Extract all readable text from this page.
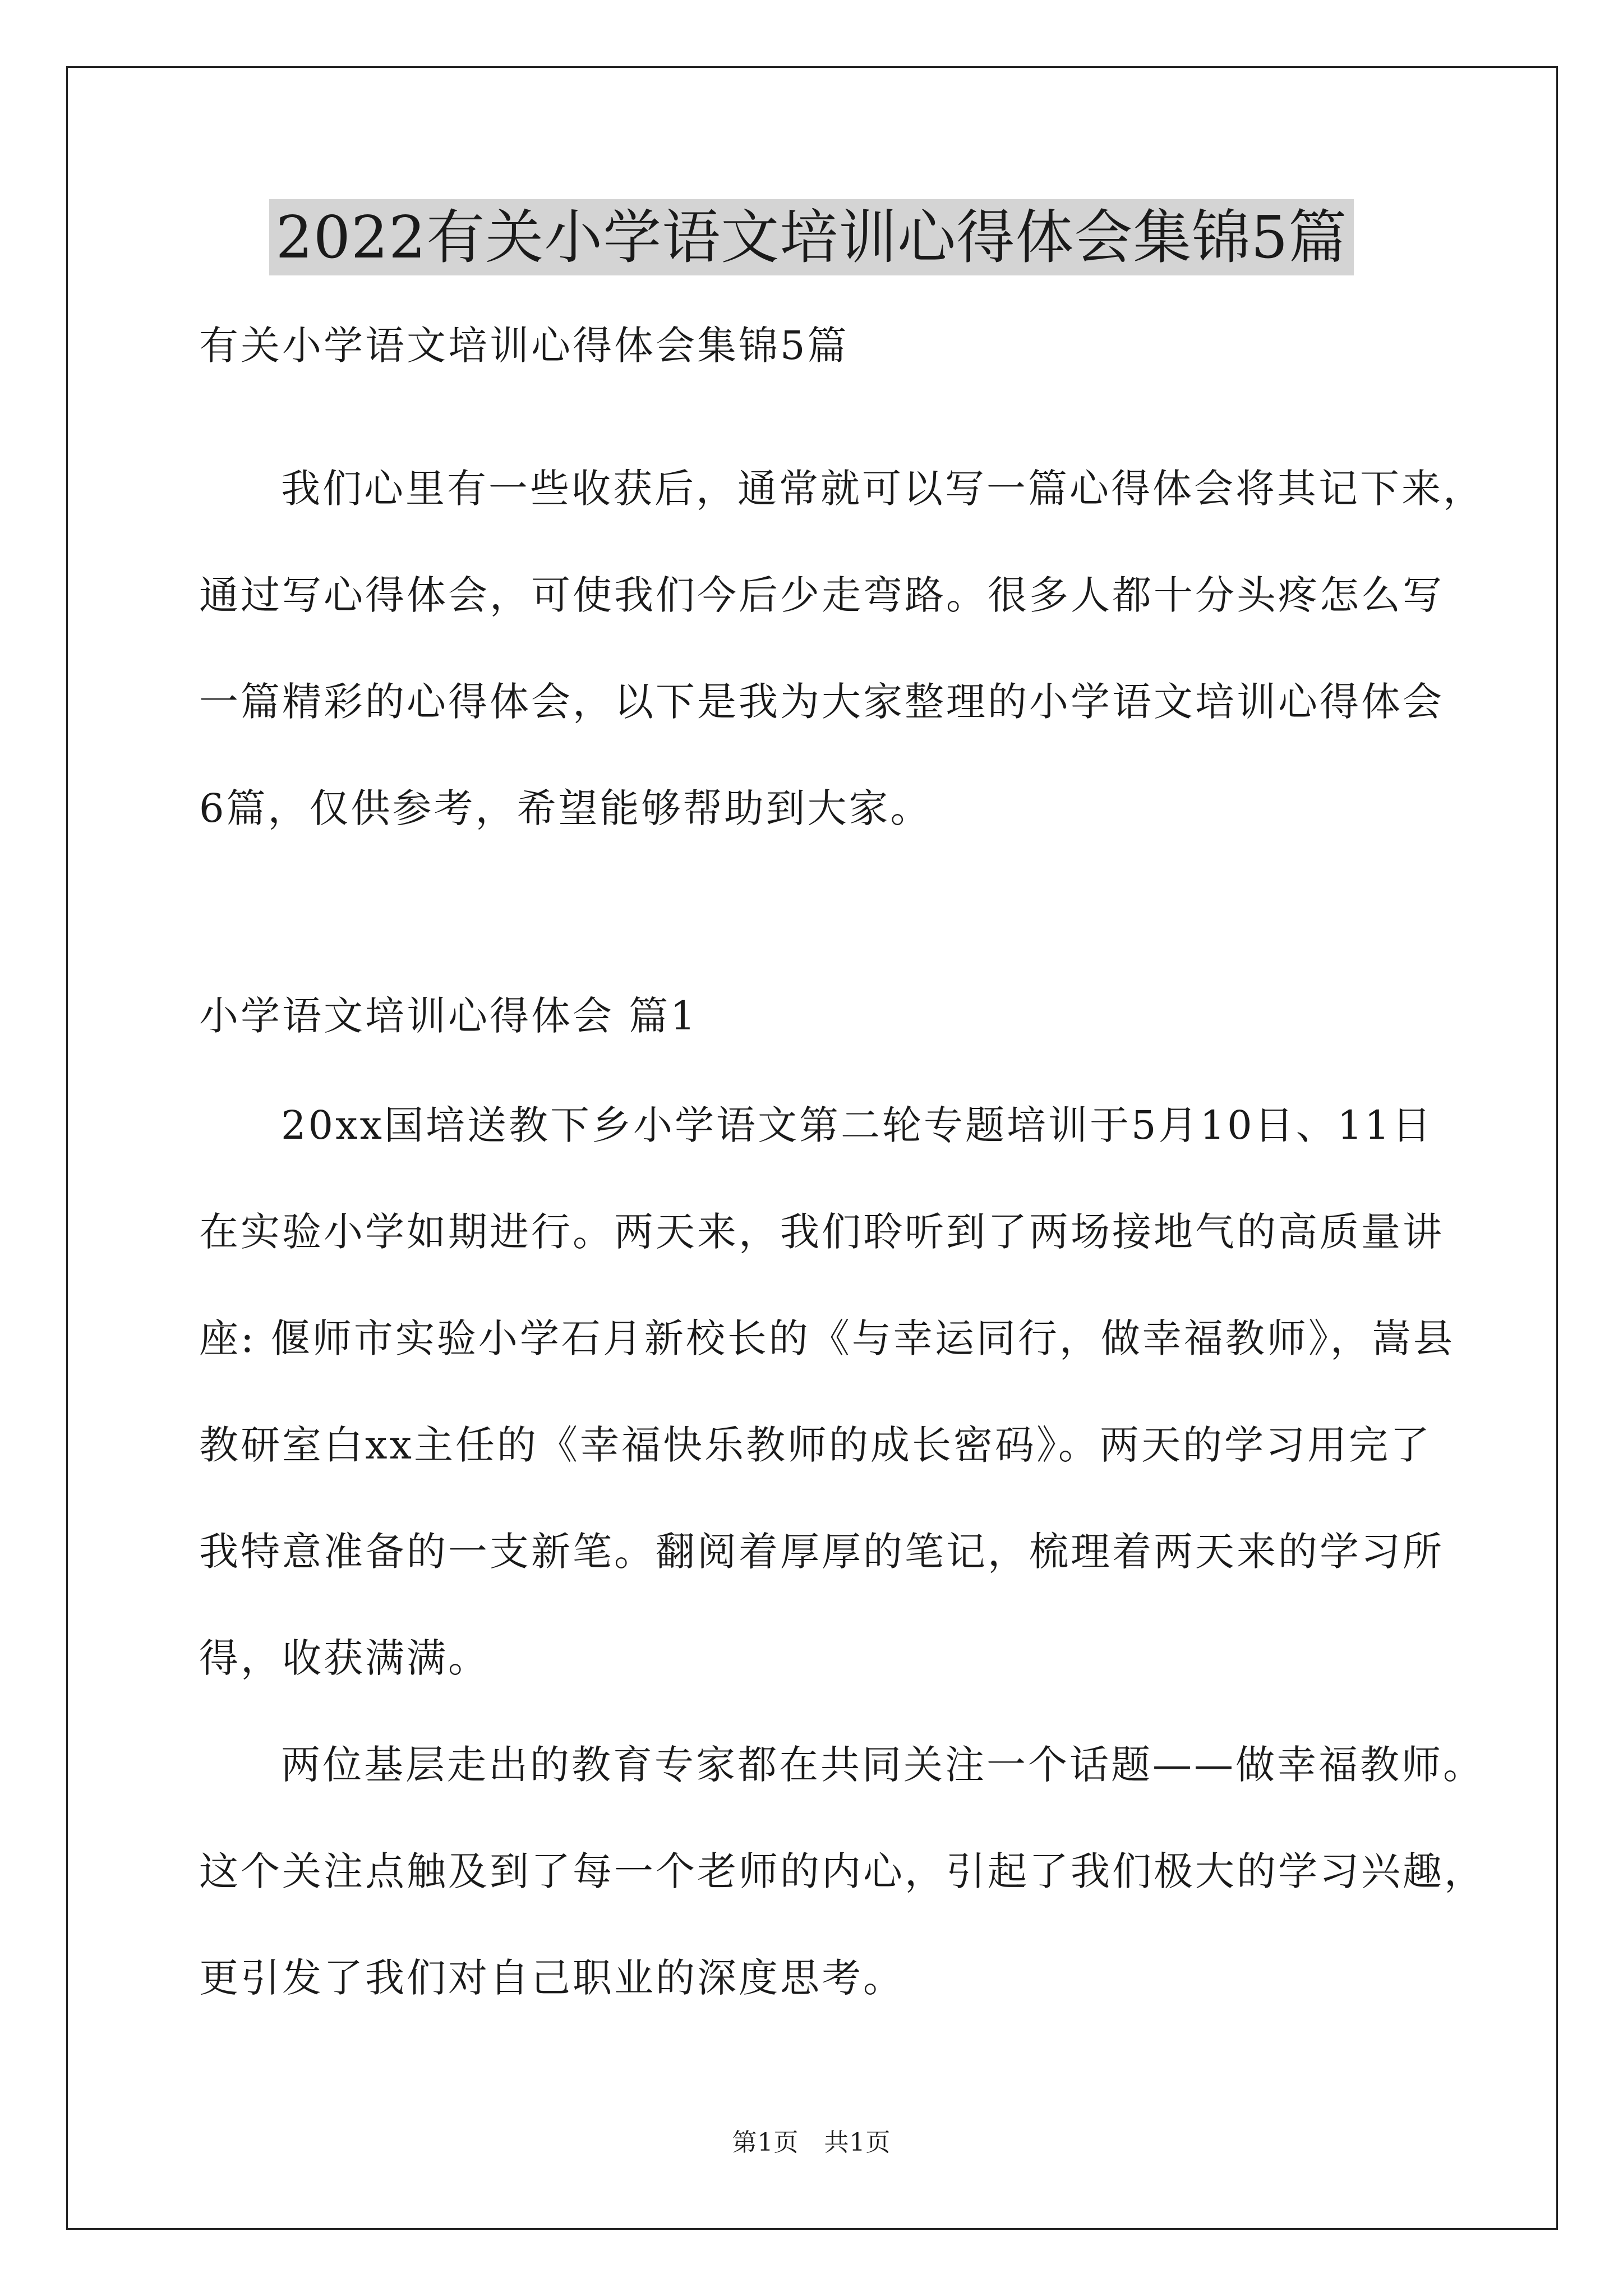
2022有关小学语文培训心得体会集锦5篇

有关小学语文培训心得体会集锦5篇

我们心里有一些收获后，通常就可以写一篇心得体会将其记下来，

通过写心得体会，可使我们今后少走弯路。很多人都十分头疼怎么写

一篇精彩的心得体会，以下是我为大家整理的小学语文培训心得体会

6篇，仅供参考，希望能够帮助到大家。

小学语文培训心得体会 篇1

20xx国培送教下乡小学语文第二轮专题培训于5月10日、11日

在实验小学如期进行。两天来，我们聆听到了两场接地气的高质量讲

座: 偃师市实验小学石月新校长的《与幸运同行，做幸福教师》，嵩县

教研室白xx主任的《幸福快乐教师的成长密码》。两天的学习用完了

我特意准备的一支新笔。翻阅着厚厚的笔记，梳理着两天来的学习所

得，收获满满。

两位基层走出的教育专家都在共同关注一个话题——做幸福教师。

这个关注点触及到了每一个老师的内心，引起了我们极大的学习兴趣，

更引发了我们对自己职业的深度思考。

第1页　共1页
